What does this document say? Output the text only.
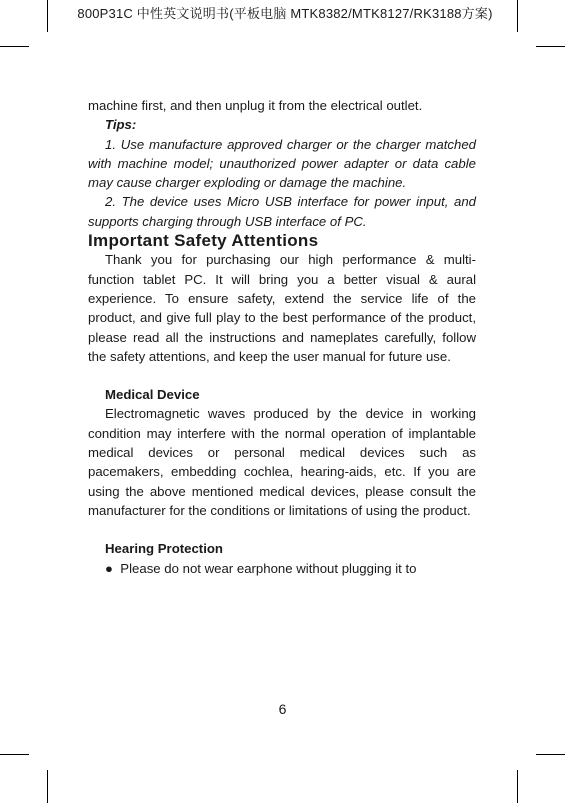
800P31C 中性英文说明书(平板电脑 MTK8382/MTK8127/RK3188方案)

machine first, and then unplug it from the electrical outlet.

Tips:

1. Use manufacture approved charger or the charger matched with machine model; unauthorized power adapter or data cable may cause charger exploding or damage the machine.

2. The device uses Micro USB interface for power input, and supports charging through USB interface of PC.

Important Safety Attentions

Thank you for purchasing our high performance & multi-function tablet PC. It will bring you a better visual & aural experience. To ensure safety, extend the service life of the product, and give full play to the best performance of the product, please read all the instructions and nameplates carefully, follow the safety attentions, and keep the user manual for future use.

Medical Device

Electromagnetic waves produced by the device in working condition may interfere with the normal operation of implantable medical devices or personal medical devices such as pacemakers, embedding cochlea, hearing-aids, etc. If you are using the above mentioned medical devices, please consult the manufacturer for the conditions or limitations of using the product.

Hearing Protection

● Please do not wear earphone without plugging it to

6
